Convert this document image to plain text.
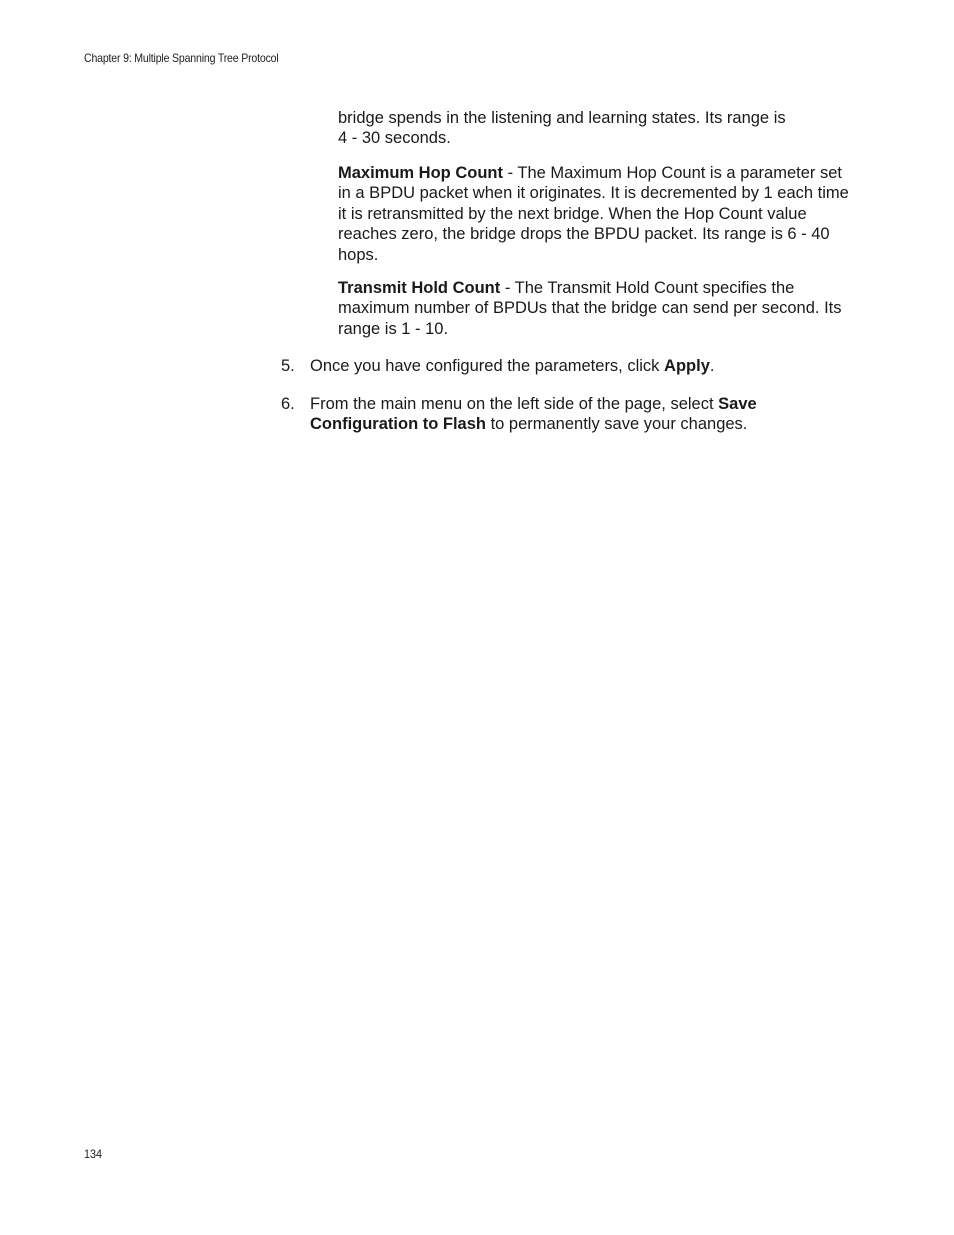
Chapter 9: Multiple Spanning Tree Protocol

bridge spends in the listening and learning states. Its range is
4 - 30 seconds.

Maximum Hop Count - The Maximum Hop Count is a parameter set in a BPDU packet when it originates. It is decremented by 1 each time it is retransmitted by the next bridge. When the Hop Count value reaches zero, the bridge drops the BPDU packet. Its range is 6 - 40 hops.

Transmit Hold Count - The Transmit Hold Count specifies the maximum number of BPDUs that the bridge can send per second. Its range is 1 - 10.

5. Once you have configured the parameters, click Apply.
6. From the main menu on the left side of the page, select Save Configuration to Flash to permanently save your changes.
134
